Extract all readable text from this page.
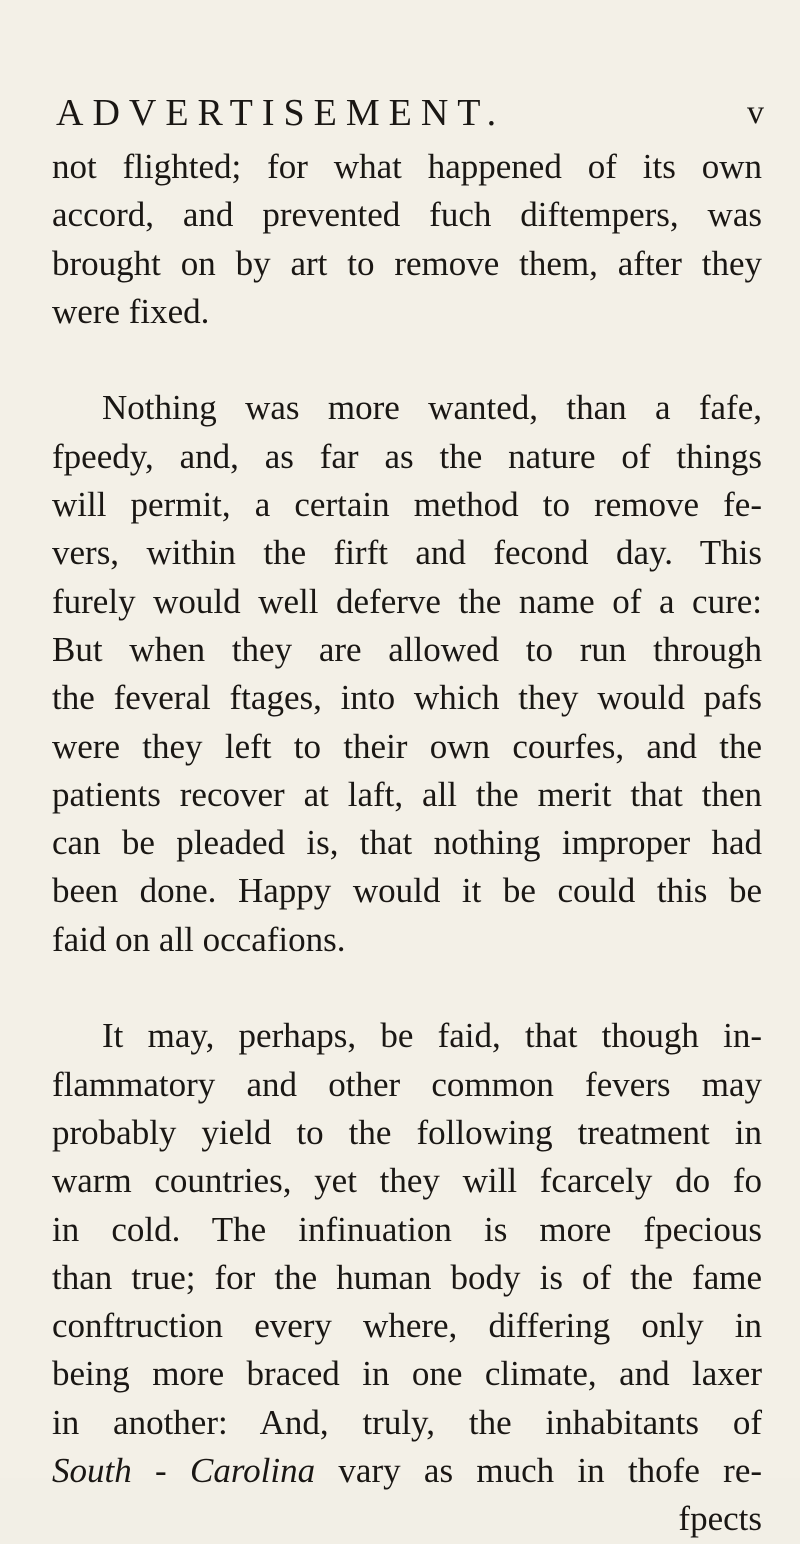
ADVERTISEMENT.	v
not flighted; for what happened of its own
accord, and prevented fuch diftempers, was
brought on by art to remove them, after they
were fixed.
Nothing was more wanted, than a fafe,
fpeedy, and, as far as the nature of things
will permit, a certain method to remove fe-
vers, within the firft and fecond day. This
furely would well deferve the name of a cure:
But when they are allowed to run through
the feveral ftages, into which they would pafs
were they left to their own courfes, and the
patients recover at laft, all the merit that then
can be pleaded is, that nothing improper had
been done. Happy would it be could this be
faid on all occafions.
It may, perhaps, be faid, that though in-
flammatory and other common fevers may
probably yield to the following treatment in
warm countries, yet they will fcarcely do fo
in cold. The infinuation is more fpecious
than true; for the human body is of the fame
conftruction every where, differing only in
being more braced in one climate, and laxer
in another: And, truly, the inhabitants of
South - Carolina vary as much in thofe re-
fpects
